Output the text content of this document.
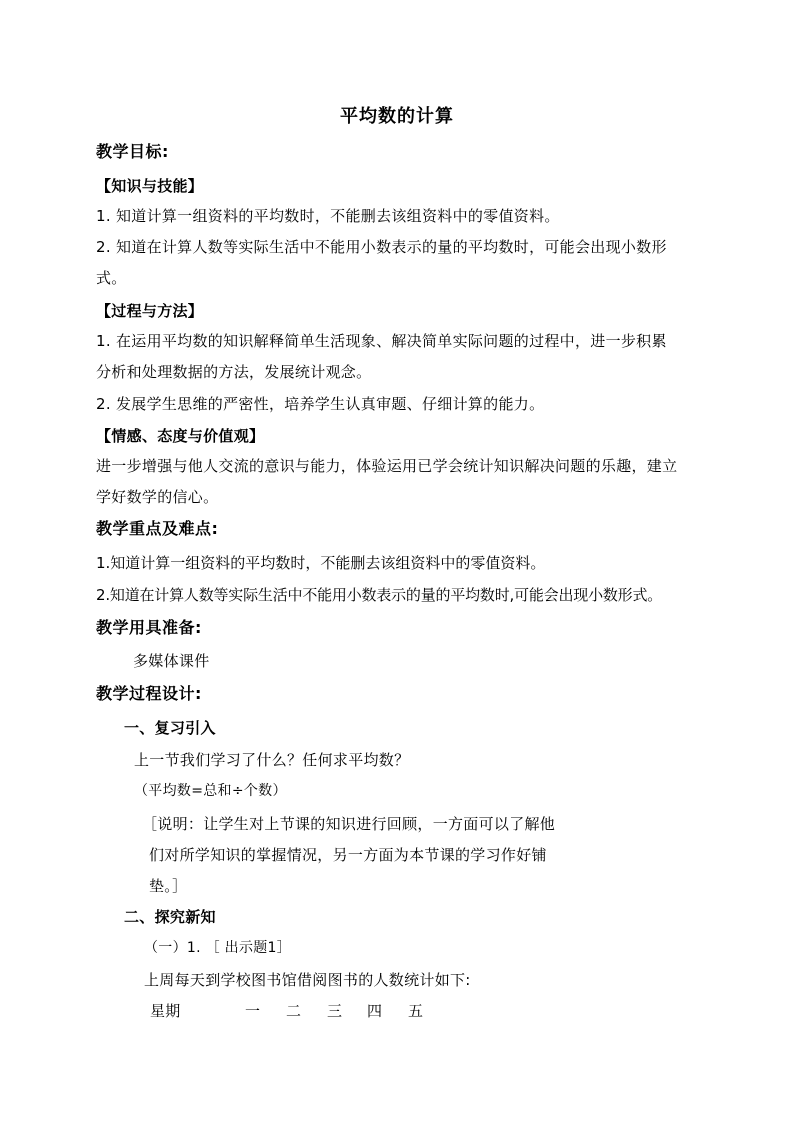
平均数的计算
教学目标:
【知识与技能】
1. 知道计算一组资料的平均数时，不能删去该组资料中的零值资料。
2. 知道在计算人数等实际生活中不能用小数表示的量的平均数时，可能会出现小数形
式。
【过程与方法】
1. 在运用平均数的知识解释简单生活现象、解决简单实际问题的过程中，进一步积累
分析和处理数据的方法，发展统计观念。
2. 发展学生思维的严密性，培养学生认真审题、仔细计算的能力。
【情感、态度与价值观】
进一步增强与他人交流的意识与能力，体验运用已学会统计知识解决问题的乐趣，建立
学好数学的信心。
教学重点及难点:
1.知道计算一组资料的平均数时，不能删去该组资料中的零值资料。
2.知道在计算人数等实际生活中不能用小数表示的量的平均数时,可能会出现小数形式。
教学用具准备:
多媒体课件
教学过程设计:
一、复习引入
上一节我们学习了什么？任何求平均数？
（平均数=总和÷个数）
［说明：让学生对上节课的知识进行回顾，一方面可以了解他
们对所学知识的掌握情况，另一方面为本节课的学习作好铺
垫。］
二、探究新知
（一）1. ［ 出示题1］
上周每天到学校图书馆借阅图书的人数统计如下:
星期	一 二 三 四 五
